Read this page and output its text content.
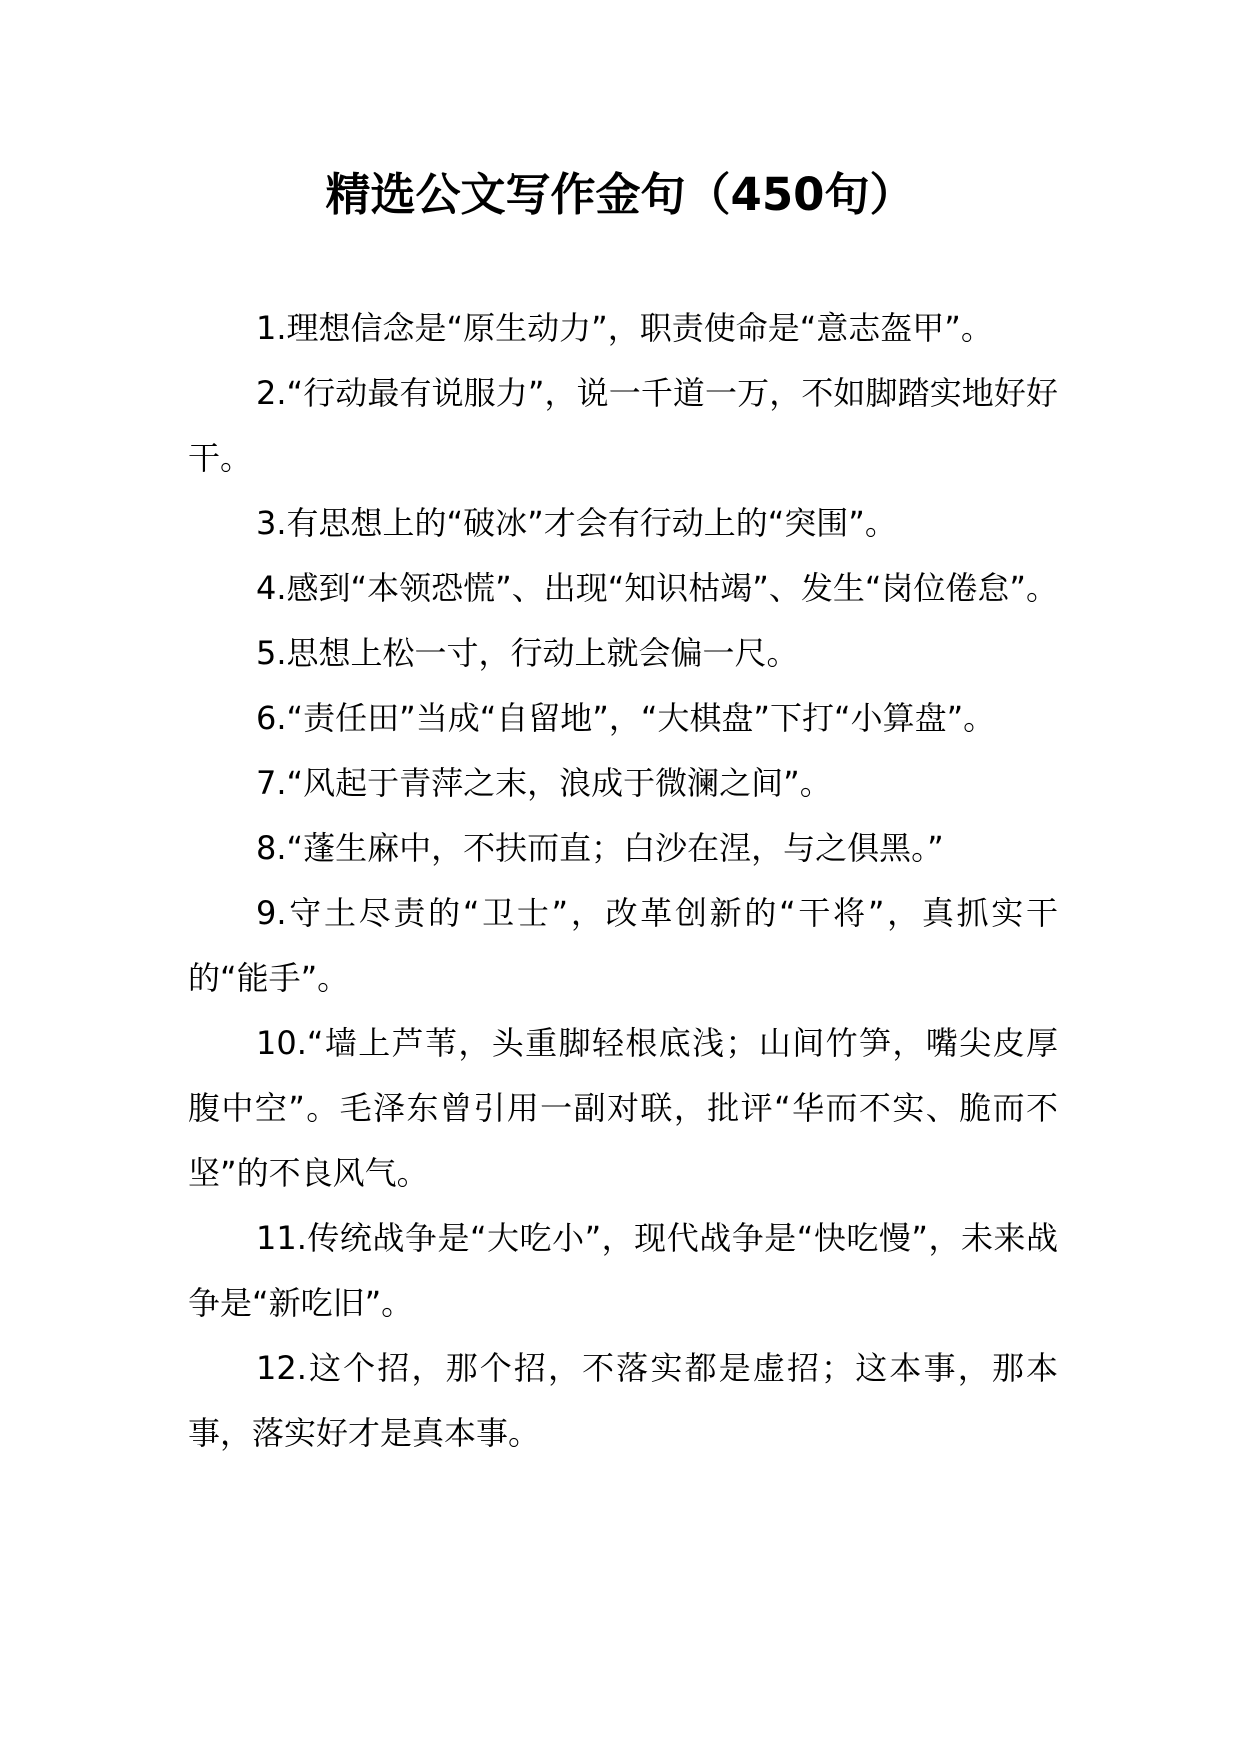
精选公文写作金句（450句）

1.理想信念是“原生动力”，职责使命是“意志盔甲”。

2.“行动最有说服力”，说一千道一万，不如脚踏实地好好干。

3.有思想上的“破冰”才会有行动上的“突围”。

4.感到“本领恐慌”、出现“知识枯竭”、发生“岗位倦怠”。

5.思想上松一寸，行动上就会偏一尺。

6.“责任田”当成“自留地”，“大棋盘”下打“小算盘”。

7.“风起于青萍之末，浪成于微澜之间”。

8.“蓬生麻中，不扶而直；白沙在涅，与之俱黑。”

9.守土尽责的“卫士”，改革创新的“干将”，真抓实干的“能手”。

10.“墙上芦苇，头重脚轻根底浅；山间竹笋，嘴尖皮厚腹中空”。毛泽东曾引用一副对联，批评“华而不实、脆而不坚”的不良风气。

11.传统战争是“大吃小”，现代战争是“快吃慢”，未来战争是“新吃旧”。

12.这个招，那个招，不落实都是虚招；这本事，那本事，落实好才是真本事。
